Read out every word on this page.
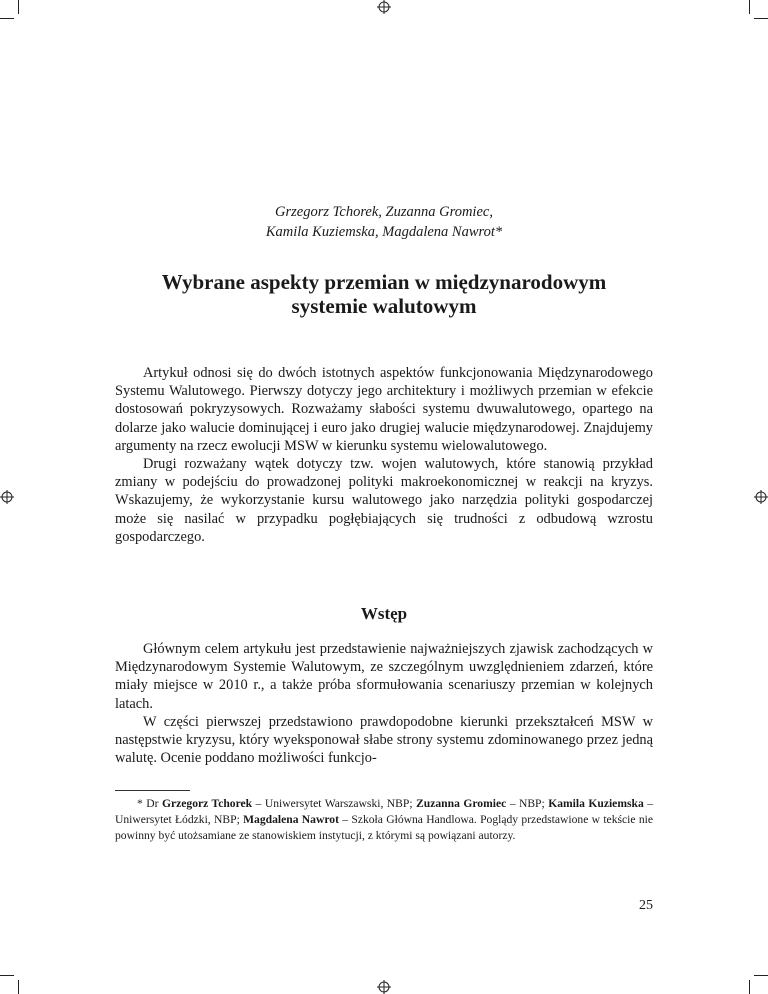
Grzegorz Tchorek, Zuzanna Gromiec,
Kamila Kuziemska, Magdalena Nawrot*
Wybrane aspekty przemian w międzynarodowym
systemie walutowym

Artykuł odnosi się do dwóch istotnych aspektów funkcjonowania Międzynarodowego Systemu Walutowego. Pierwszy dotyczy jego architektury i możliwych przemian w efekcie dostosowań pokryzysowych. Rozważamy słabości systemu dwuwalutowego, opartego na dolarze jako walucie dominującej i euro jako drugiej walucie międzynarodowej. Znajdujemy argumenty na rzecz ewolucji MSW w kierunku systemu wielowalutowego.

Drugi rozważany wątek dotyczy tzw. wojen walutowych, które stanowią przykład zmiany w podejściu do prowadzonej polityki makroekonomicznej w reakcji na kryzys. Wskazujemy, że wykorzystanie kursu walutowego jako narzędzia polityki gospodarczej może się nasilać w przypadku pogłębiających się trudności z odbudową wzrostu gospodarczego.

Wstęp

Głównym celem artykułu jest przedstawienie najważniejszych zjawisk zachodzących w Międzynarodowym Systemie Walutowym, ze szczególnym uwzględnieniem zdarzeń, które miały miejsce w 2010 r., a także próba sformułowania scenariuszy przemian w kolejnych latach.

W części pierwszej przedstawiono prawdopodobne kierunki przekształceń MSW w następstwie kryzysu, który wyeksponował słabe strony systemu zdominowanego przez jedną walutę. Ocenie poddano możliwości funkcjo-

* Dr Grzegorz Tchorek – Uniwersytet Warszawski, NBP; Zuzanna Gromiec – NBP; Kamila Kuziemska – Uniwersytet Łódzki, NBP; Magdalena Nawrot – Szkoła Główna Handlowa. Poglądy przedstawione w tekście nie powinny być utożsamiane ze stanowiskiem instytucji, z którymi są powiązani autorzy.

25
